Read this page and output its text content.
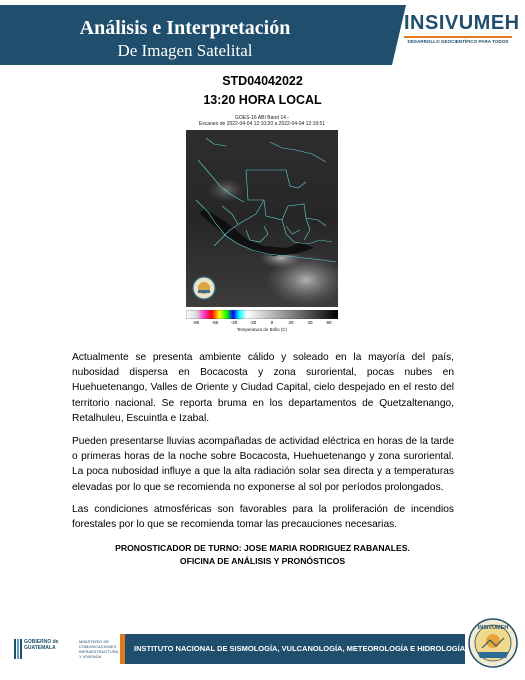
Análisis e Interpretación
De Imagen Satelital
INSIVUMEH
DESARROLLO GEOCIENTÍFICO PARA TODOS
STD04042022
13:20 HORA LOCAL
GOES-16 ABI Band 14 -
Escaneo de 2022-04-04 12:10:20 a 2022-04-04 12:19:51
-80	-60	-40	-20	0	20	40	60
Temperatura de Brillo (C)
Actualmente se presenta ambiente cálido y soleado en la mayoría del país, nubosidad dispersa en Bocacosta y zona suroriental, pocas nubes en Huehuetenango, Valles de Oriente y Ciudad Capital, cielo despejado en el resto del territorio nacional. Se reporta bruma en los departamentos de Quetzaltenango, Retalhuleu, Escuintla e Izabal.
Pueden presentarse lluvias acompañadas de actividad eléctrica en horas de la tarde o primeras horas de la noche sobre Bocacosta, Huehuetenango y zona suroriental. La poca nubosidad influye a que la alta radiación solar sea directa y a temperaturas elevadas por lo que se recomienda no exponerse al sol por períodos prolongados.
Las condiciones atmosféricas son favorables para la proliferación de incendios forestales por lo que se recomienda tomar las precauciones necesarias.
PRONOSTICADOR DE TURNO: JOSE MARIA RODRIGUEZ RABANALES.
OFICINA DE ANÁLISIS Y PRONÓSTICOS
GOBIERNO de
GUATEMALA
MINISTERIO DE
COMUNICACIONES,
INFRAESTRUCTURA
Y VIVIENDA
INSTITUTO NACIONAL DE SISMOLOGÍA, VULCANOLOGÍA, METEOROLOGÍA E HIDROLOGÍA
INSIVUMEH
